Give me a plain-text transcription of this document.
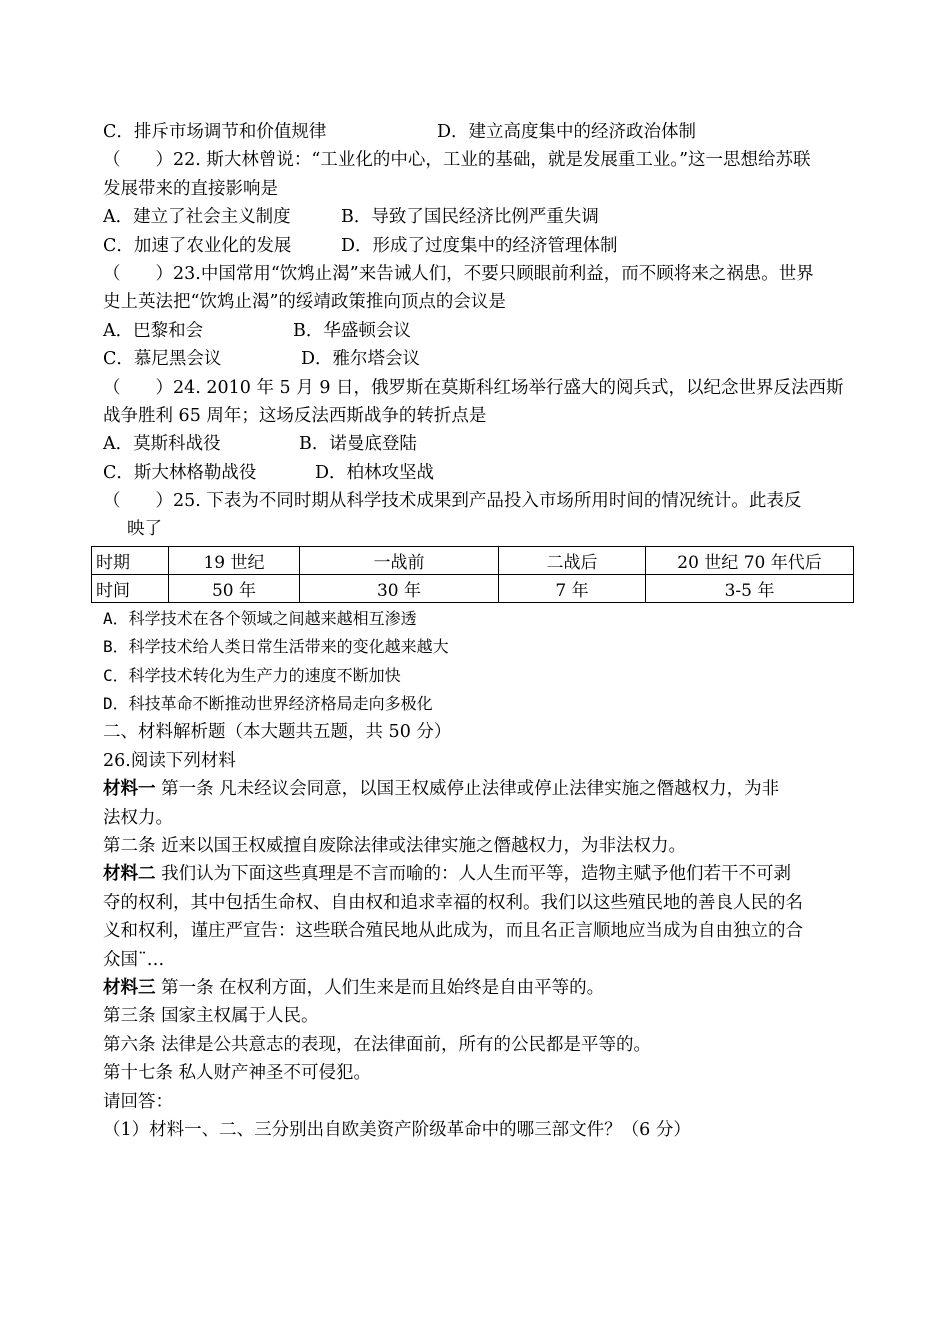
C．排斥市场调节和价值规律	D．建立高度集中的经济政治体制
（　　）22. 斯大林曾说：“工业化的中心，工业的基础，就是发展重工业。”这一思想给苏联
发展带来的直接影响是
A．建立了社会主义制度	B．导致了国民经济比例严重失调
C．加速了农业化的发展	D．形成了过度集中的经济管理体制
（　　）23.中国常用“饮鸩止渴”来告诫人们，不要只顾眼前利益，而不顾将来之祸患。世界
史上英法把“饮鸩止渴”的绥靖政策推向顶点的会议是
A．巴黎和会	B．华盛顿会议
C．慕尼黑会议	D．雅尔塔会议
（　　）24. 2010 年 5 月 9 日，俄罗斯在莫斯科红场举行盛大的阅兵式，以纪念世界反法西斯
战争胜利 65 周年；这场反法西斯战争的转折点是
A．莫斯科战役	B．诺曼底登陆
C．斯大林格勒战役	D．柏林攻坚战
（　　）25. 下表为不同时期从科学技术成果到产品投入市场所用时间的情况统计。此表反
映了
时期	19 世纪	一战前	二战后	20 世纪 70 年代后
时间	50 年	30 年	7 年	3-5 年
A．科学技术在各个领域之间越来越相互渗透
B．科学技术给人类日常生活带来的变化越来越大
C．科学技术转化为生产力的速度不断加快
D．科技革命不断推动世界经济格局走向多极化
二、材料解析题（本大题共五题，共 50 分）
26.阅读下列材料
材料一 第一条 凡未经议会同意，以国王权威停止法律或停止法律实施之僭越权力，为非
法权力。
第二条 近来以国王权威擅自废除法律或法律实施之僭越权力，为非法权力。
材料二 我们认为下面这些真理是不言而喻的：人人生而平等，造物主赋予他们若干不可剥
夺的权利，其中包括生命权、自由权和追求幸福的权利。我们以这些殖民地的善良人民的名
义和权利，谨庄严宣告：这些联合殖民地从此成为，而且名正言顺地应当成为自由独立的合
众国¨…
材料三 第一条 在权利方面，人们生来是而且始终是自由平等的。
第三条 国家主权属于人民。
第六条 法律是公共意志的表现，在法律面前，所有的公民都是平等的。
第十七条 私人财产神圣不可侵犯。
请回答：
（1）材料一、二、三分别出自欧美资产阶级革命中的哪三部文件？（6 分）
